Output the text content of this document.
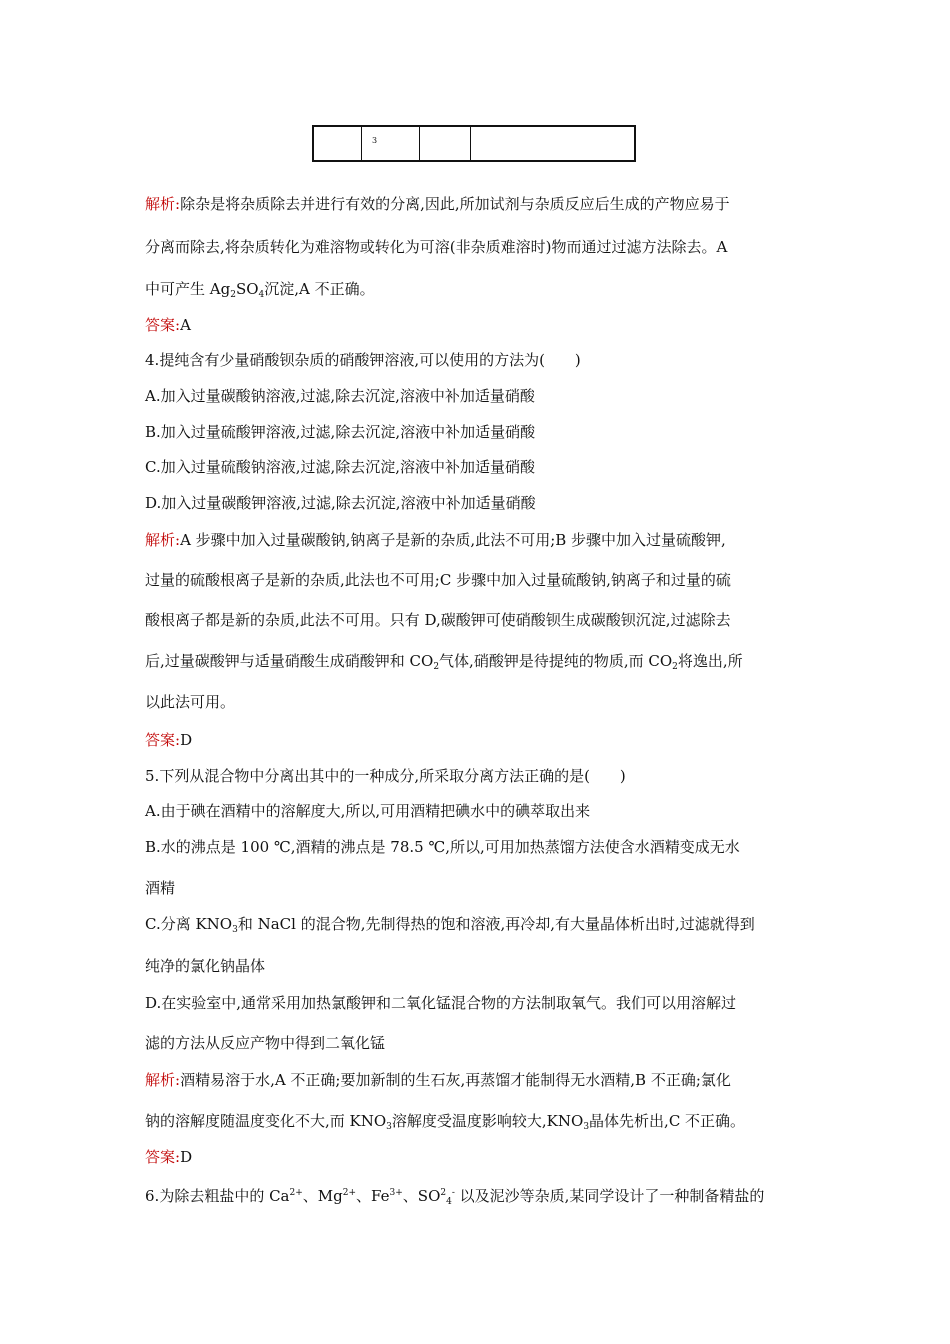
3
解析:除杂是将杂质除去并进行有效的分离,因此,所加试剂与杂质反应后生成的产物应易于
分离而除去,将杂质转化为难溶物或转化为可溶(非杂质难溶时)物而通过过滤方法除去。A
中可产生 $Ag_2SO_4$沉淀,A 不正确。
答案:A
4.提纯含有少量硝酸钡杂质的硝酸钾溶液,可以使用的方法为(　　)
A.加入过量碳酸钠溶液,过滤,除去沉淀,溶液中补加适量硝酸
B.加入过量硫酸钾溶液,过滤,除去沉淀,溶液中补加适量硝酸
C.加入过量硫酸钠溶液,过滤,除去沉淀,溶液中补加适量硝酸
D.加入过量碳酸钾溶液,过滤,除去沉淀,溶液中补加适量硝酸
解析:A 步骤中加入过量碳酸钠,钠离子是新的杂质,此法不可用;B 步骤中加入过量硫酸钾,
过量的硫酸根离子是新的杂质,此法也不可用;C 步骤中加入过量硫酸钠,钠离子和过量的硫
酸根离子都是新的杂质,此法不可用。只有 D,碳酸钾可使硝酸钡生成碳酸钡沉淀,过滤除去
后,过量碳酸钾与适量硝酸生成硝酸钾和 $CO_2$气体,硝酸钾是待提纯的物质,而 $CO_2$将逸出,所
以此法可用。
答案:D
5.下列从混合物中分离出其中的一种成分,所采取分离方法正确的是(　　)
A.由于碘在酒精中的溶解度大,所以,可用酒精把碘水中的碘萃取出来
B.水的沸点是 100 ℃,酒精的沸点是 78.5 ℃,所以,可用加热蒸馏方法使含水酒精变成无水
酒精
C.分离 $KNO_3$和 NaCl 的混合物,先制得热的饱和溶液,再冷却,有大量晶体析出时,过滤就得到
纯净的氯化钠晶体
D.在实验室中,通常采用加热氯酸钾和二氧化锰混合物的方法制取氧气。我们可以用溶解过
滤的方法从反应产物中得到二氧化锰
解析:酒精易溶于水,A 不正确;要加新制的生石灰,再蒸馏才能制得无水酒精,B 不正确;氯化
钠的溶解度随温度变化不大,而 $KNO_3$溶解度受温度影响较大$,KNO_3$晶体先析出,C 不正确。
答案:D
6.为除去粗盐中的 $Ca^{2+}$、$Mg^{2+}$、$Fe^{3+}$、$SO^2_4^-$ 以及泥沙等杂质,某同学设计了一种制备精盐的
